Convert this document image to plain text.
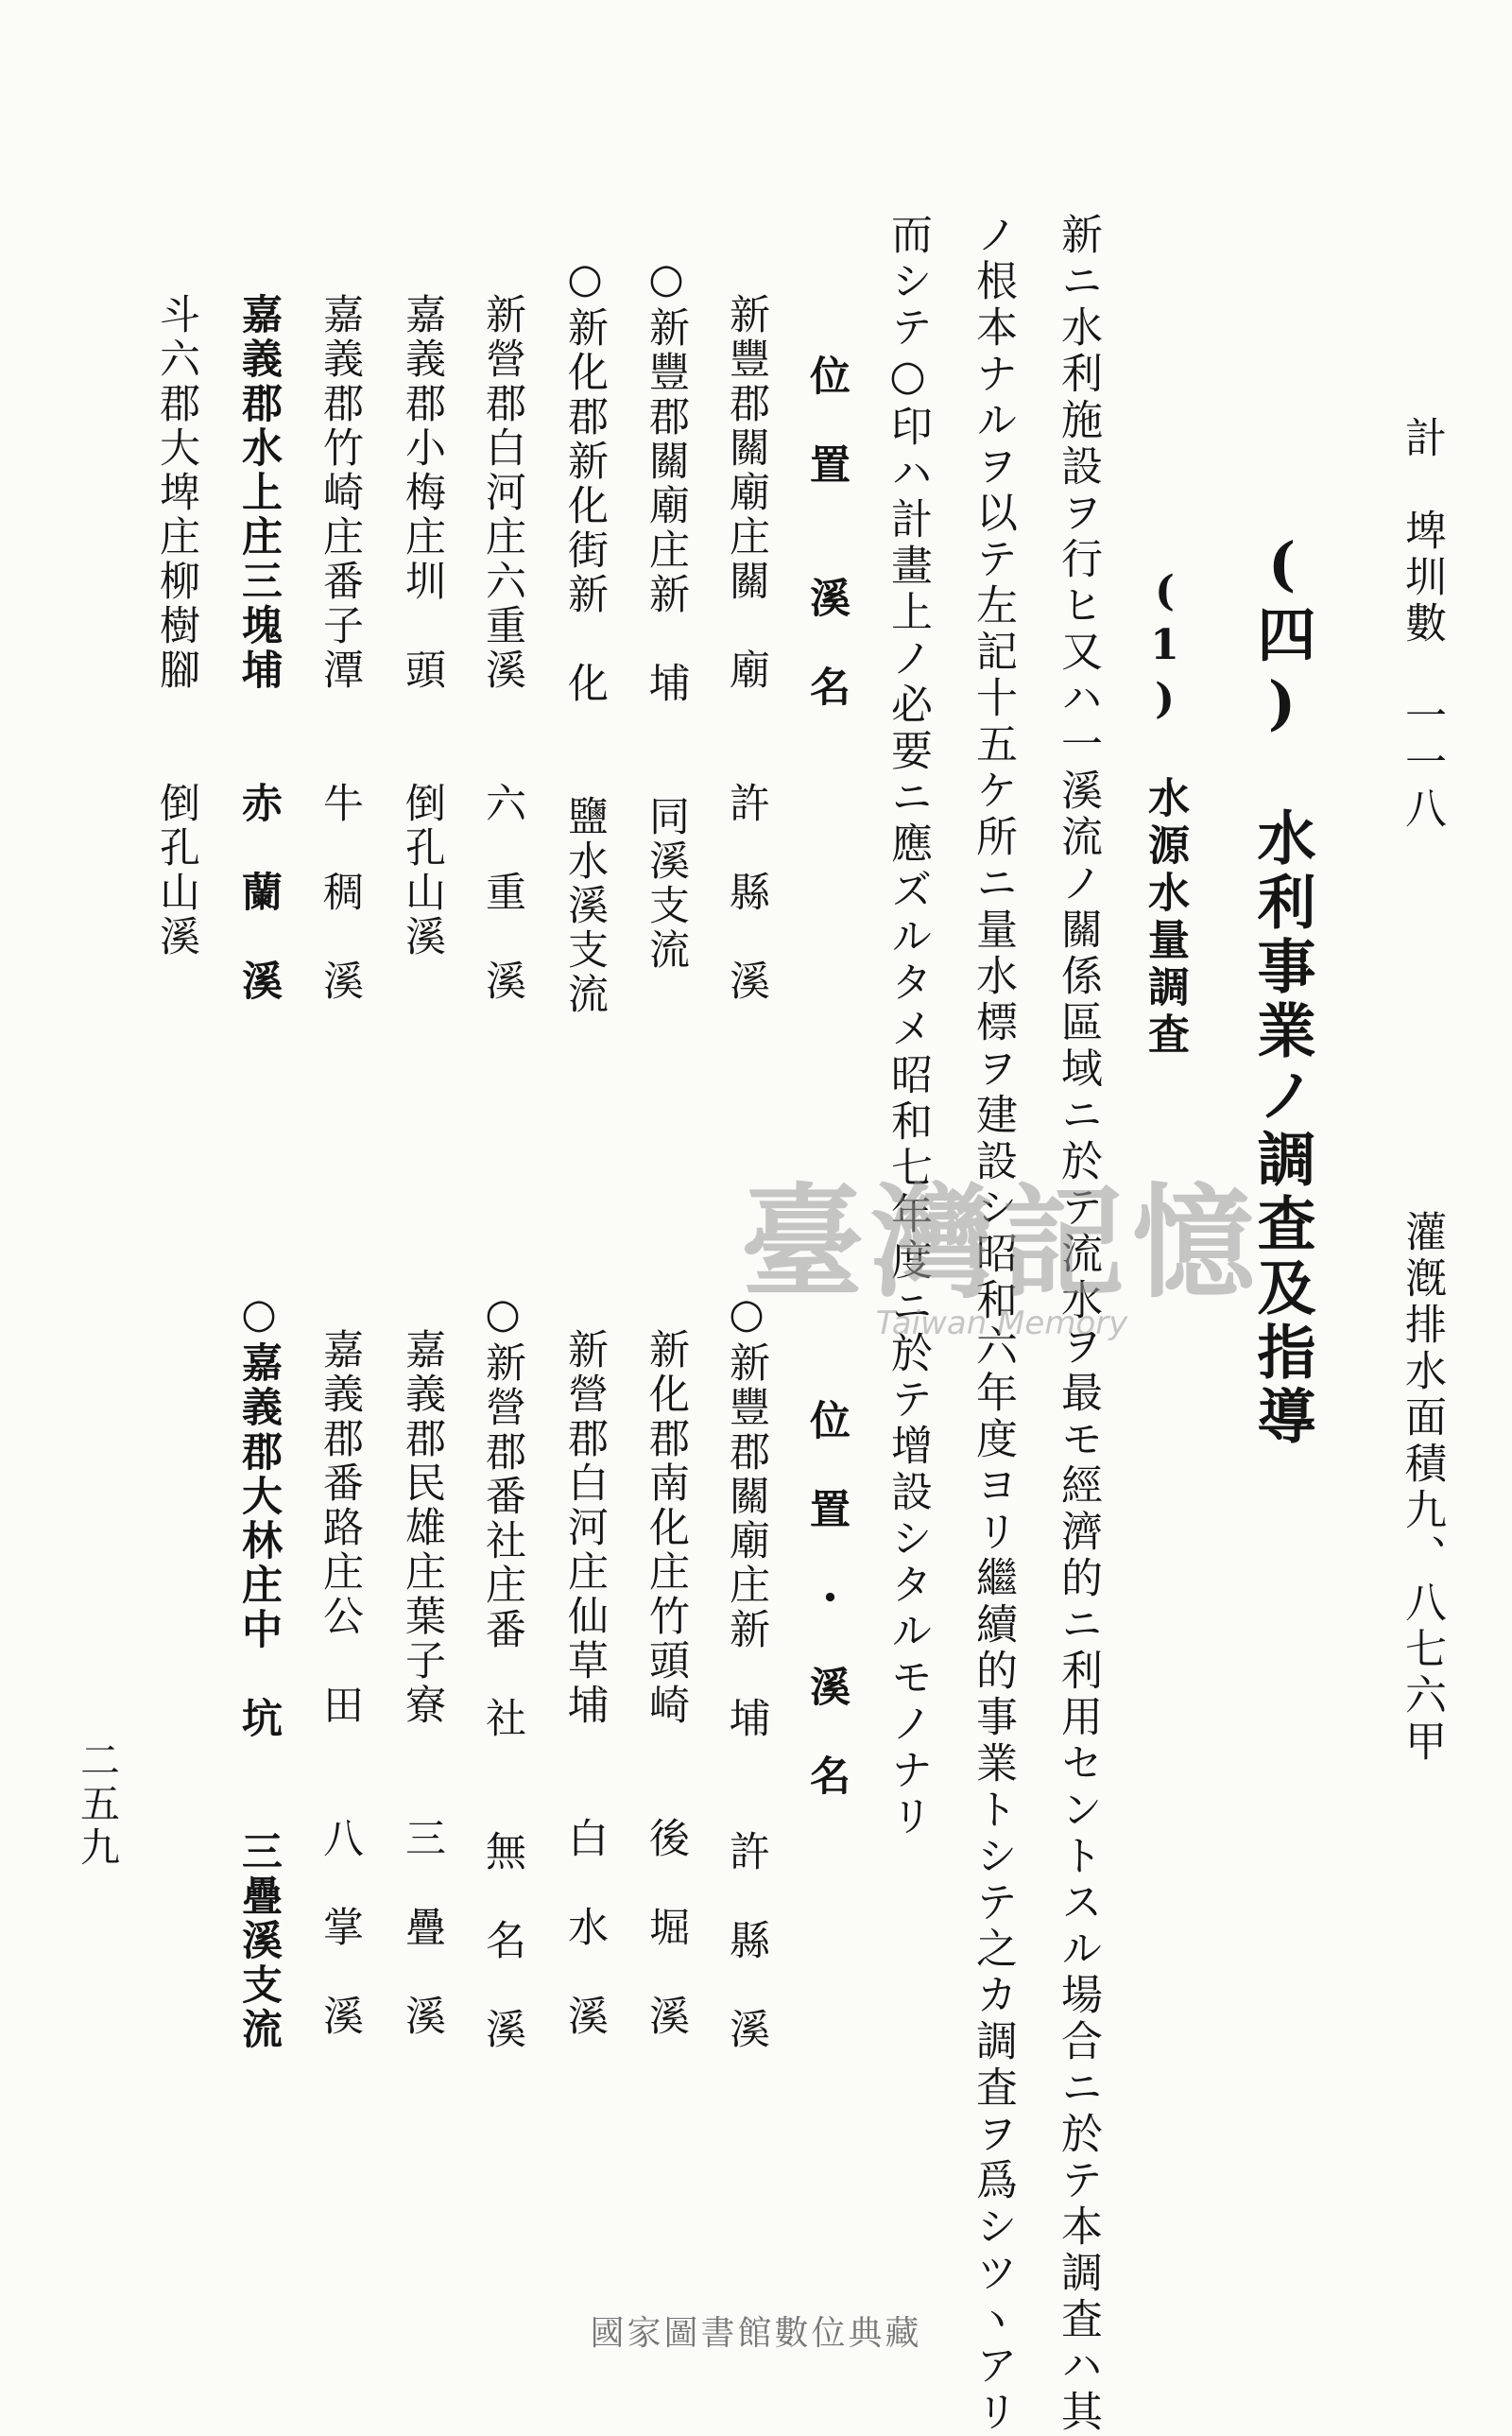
計　埤圳數　一一八
灌漑排水面積九、八七六甲
(四)　水利事業ノ調査及指導
(1)　水源水量調査
新ニ水利施設ヲ行ヒ又ハ一溪流ノ關係區域ニ於テ流水ヲ最モ經濟的ニ利用セントスル場合ニ於テ本調査ハ其
ノ根本ナルヲ以テ左記十五ケ所ニ量水標ヲ建設シ昭和六年度ヨリ繼續的事業トシテ之カ調査ヲ爲シツヽアリ
而シテ○印ハ計畫上ノ必要ニ應ズルタメ昭和七年度ニ於テ增設シタルモノナリ
位　置　　溪　名
位　置　・　溪　名
新豐郡關廟庄關　廟　　許　縣　溪
○新豐郡關廟庄新　埔　　同溪支流
○新化郡新化街新　化　　鹽水溪支流
新營郡白河庄六重溪　　六　重　溪
嘉義郡小梅庄圳　頭　　倒孔山溪
嘉義郡竹崎庄番子潭　　牛　稠　溪
嘉義郡水上庄三塊埔　　赤　蘭　溪
斗六郡大埤庄柳樹腳　　倒孔山溪
○新豐郡關廟庄新　埔　　許　縣　溪
新化郡南化庄竹頭崎　　後　堀　溪
新營郡白河庄仙草埔　　白　水　溪
○新營郡番社庄番　社　　無　名　溪
嘉義郡民雄庄葉子寮　　三　疊　溪
嘉義郡番路庄公　田　　八　掌　溪
○嘉義郡大林庄中　坑　　三疊溪支流
二五九
臺灣記憶
Taiwan Memory
國家圖書館數位典藏
